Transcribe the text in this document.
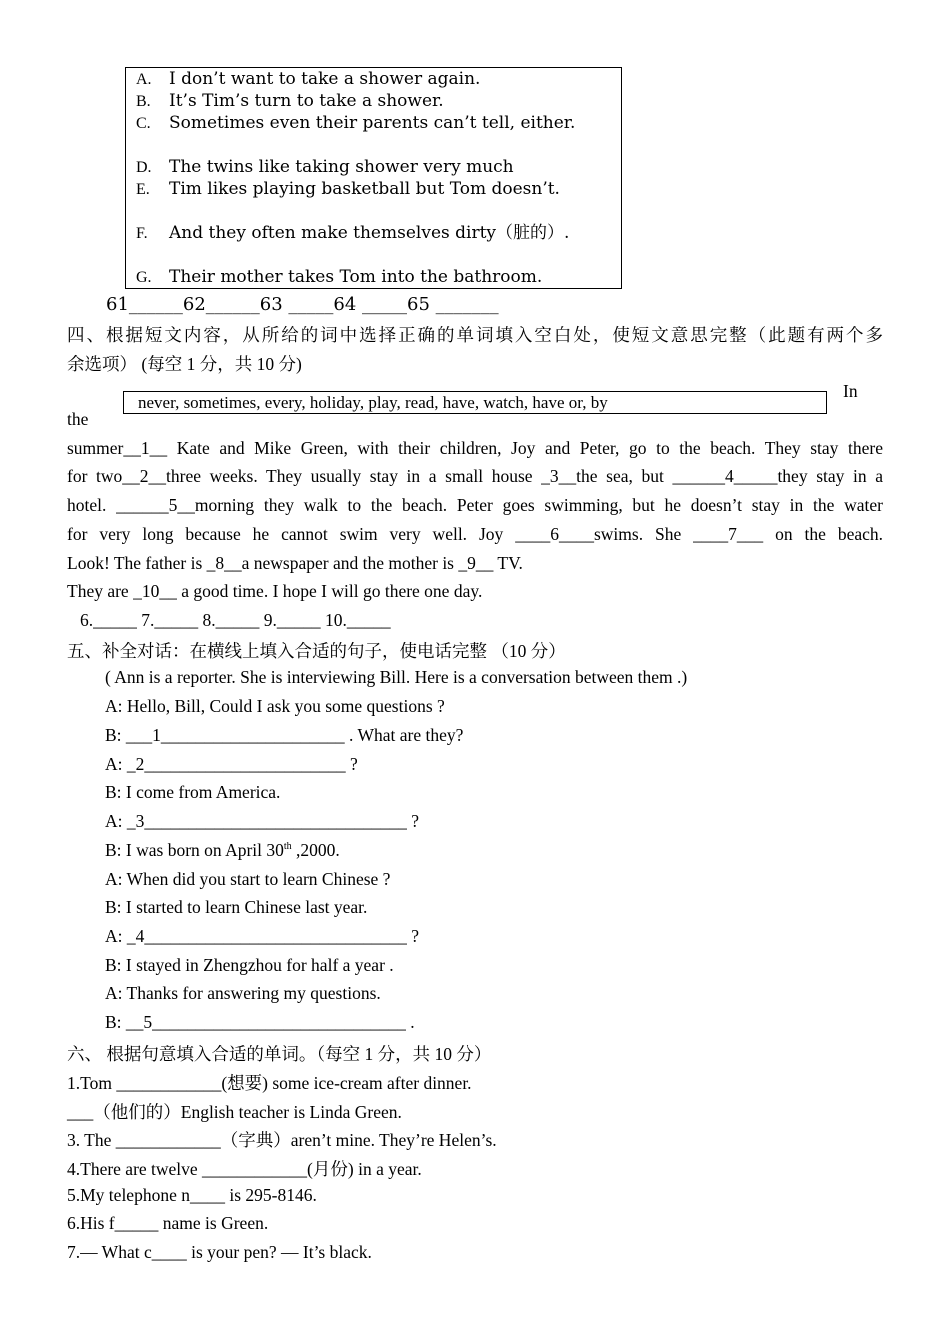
A. I don’t want to take a shower again.
B. It’s Tim’s turn to take a shower.
C. Sometimes even their parents can’t tell, either.
D.The twins like taking shower very much
E. Tim likes playing basketball but Tom doesn’t.
F. And they often make themselves dirty（脏的）.
G.Their mother takes Tom into the bathroom.
61______62______63 _____64 _____65 _______
四、根据短文内容，从所给的词中选择正确的单词填入空白处，使短文意思完整（此题有两个多
余选项） (每空 1 分，共 10 分)
never, sometimes, every, holiday, play, read, have, watch, have or, by
In
the
summer__1__ Kate and Mike Green, with their children, Joy and Peter, go to the beach. They stay there
for two__2__three weeks. They usually stay in a small house _3__the sea, but ______4_____they stay in a
hotel. ______5__morning they walk to the beach. Peter goes swimming, but he doesn’t stay in the water
for very long because he cannot swim very well. Joy ____6____swims. She ____7___ on the beach.
Look! The father is _8__a newspaper and the mother is _9__ TV.
They are _10__ a good time. I hope I will go there one day.
6._____ 7._____ 8._____ 9._____ 10._____
五、补全对话：在横线上填入合适的句子，使电话完整 （10 分）
( Ann is a reporter. She is interviewing Bill. Here is a conversation between them .)
A: Hello, Bill, Could I ask you some questions ?
B: ___1_____________________ . What are they?
A: _2_______________________ ?
B: I come from America.
A: _3______________________________ ?
B: I was born on April 30th ,2000.
A: When did you start to learn Chinese ?
B: I started to learn Chinese last year.
A: _4______________________________ ?
B: I stayed in Zhengzhou for half a year .
A: Thanks for answering my questions.
B: __5_____________________________ .
六、 根据句意填入合适的单词。（每空 1 分，共 10 分）
1.Tom ____________(想要) some ice-cream after dinner.
___（他们的）English teacher is Linda Green.
3. The ____________（字典）aren’t mine. They’re Helen’s.
4.There are twelve ____________(月份) in a year.
5.My telephone n____ is 295-8146.
6.His f_____ name is Green.
7.— What c____ is your pen? — It’s black.
